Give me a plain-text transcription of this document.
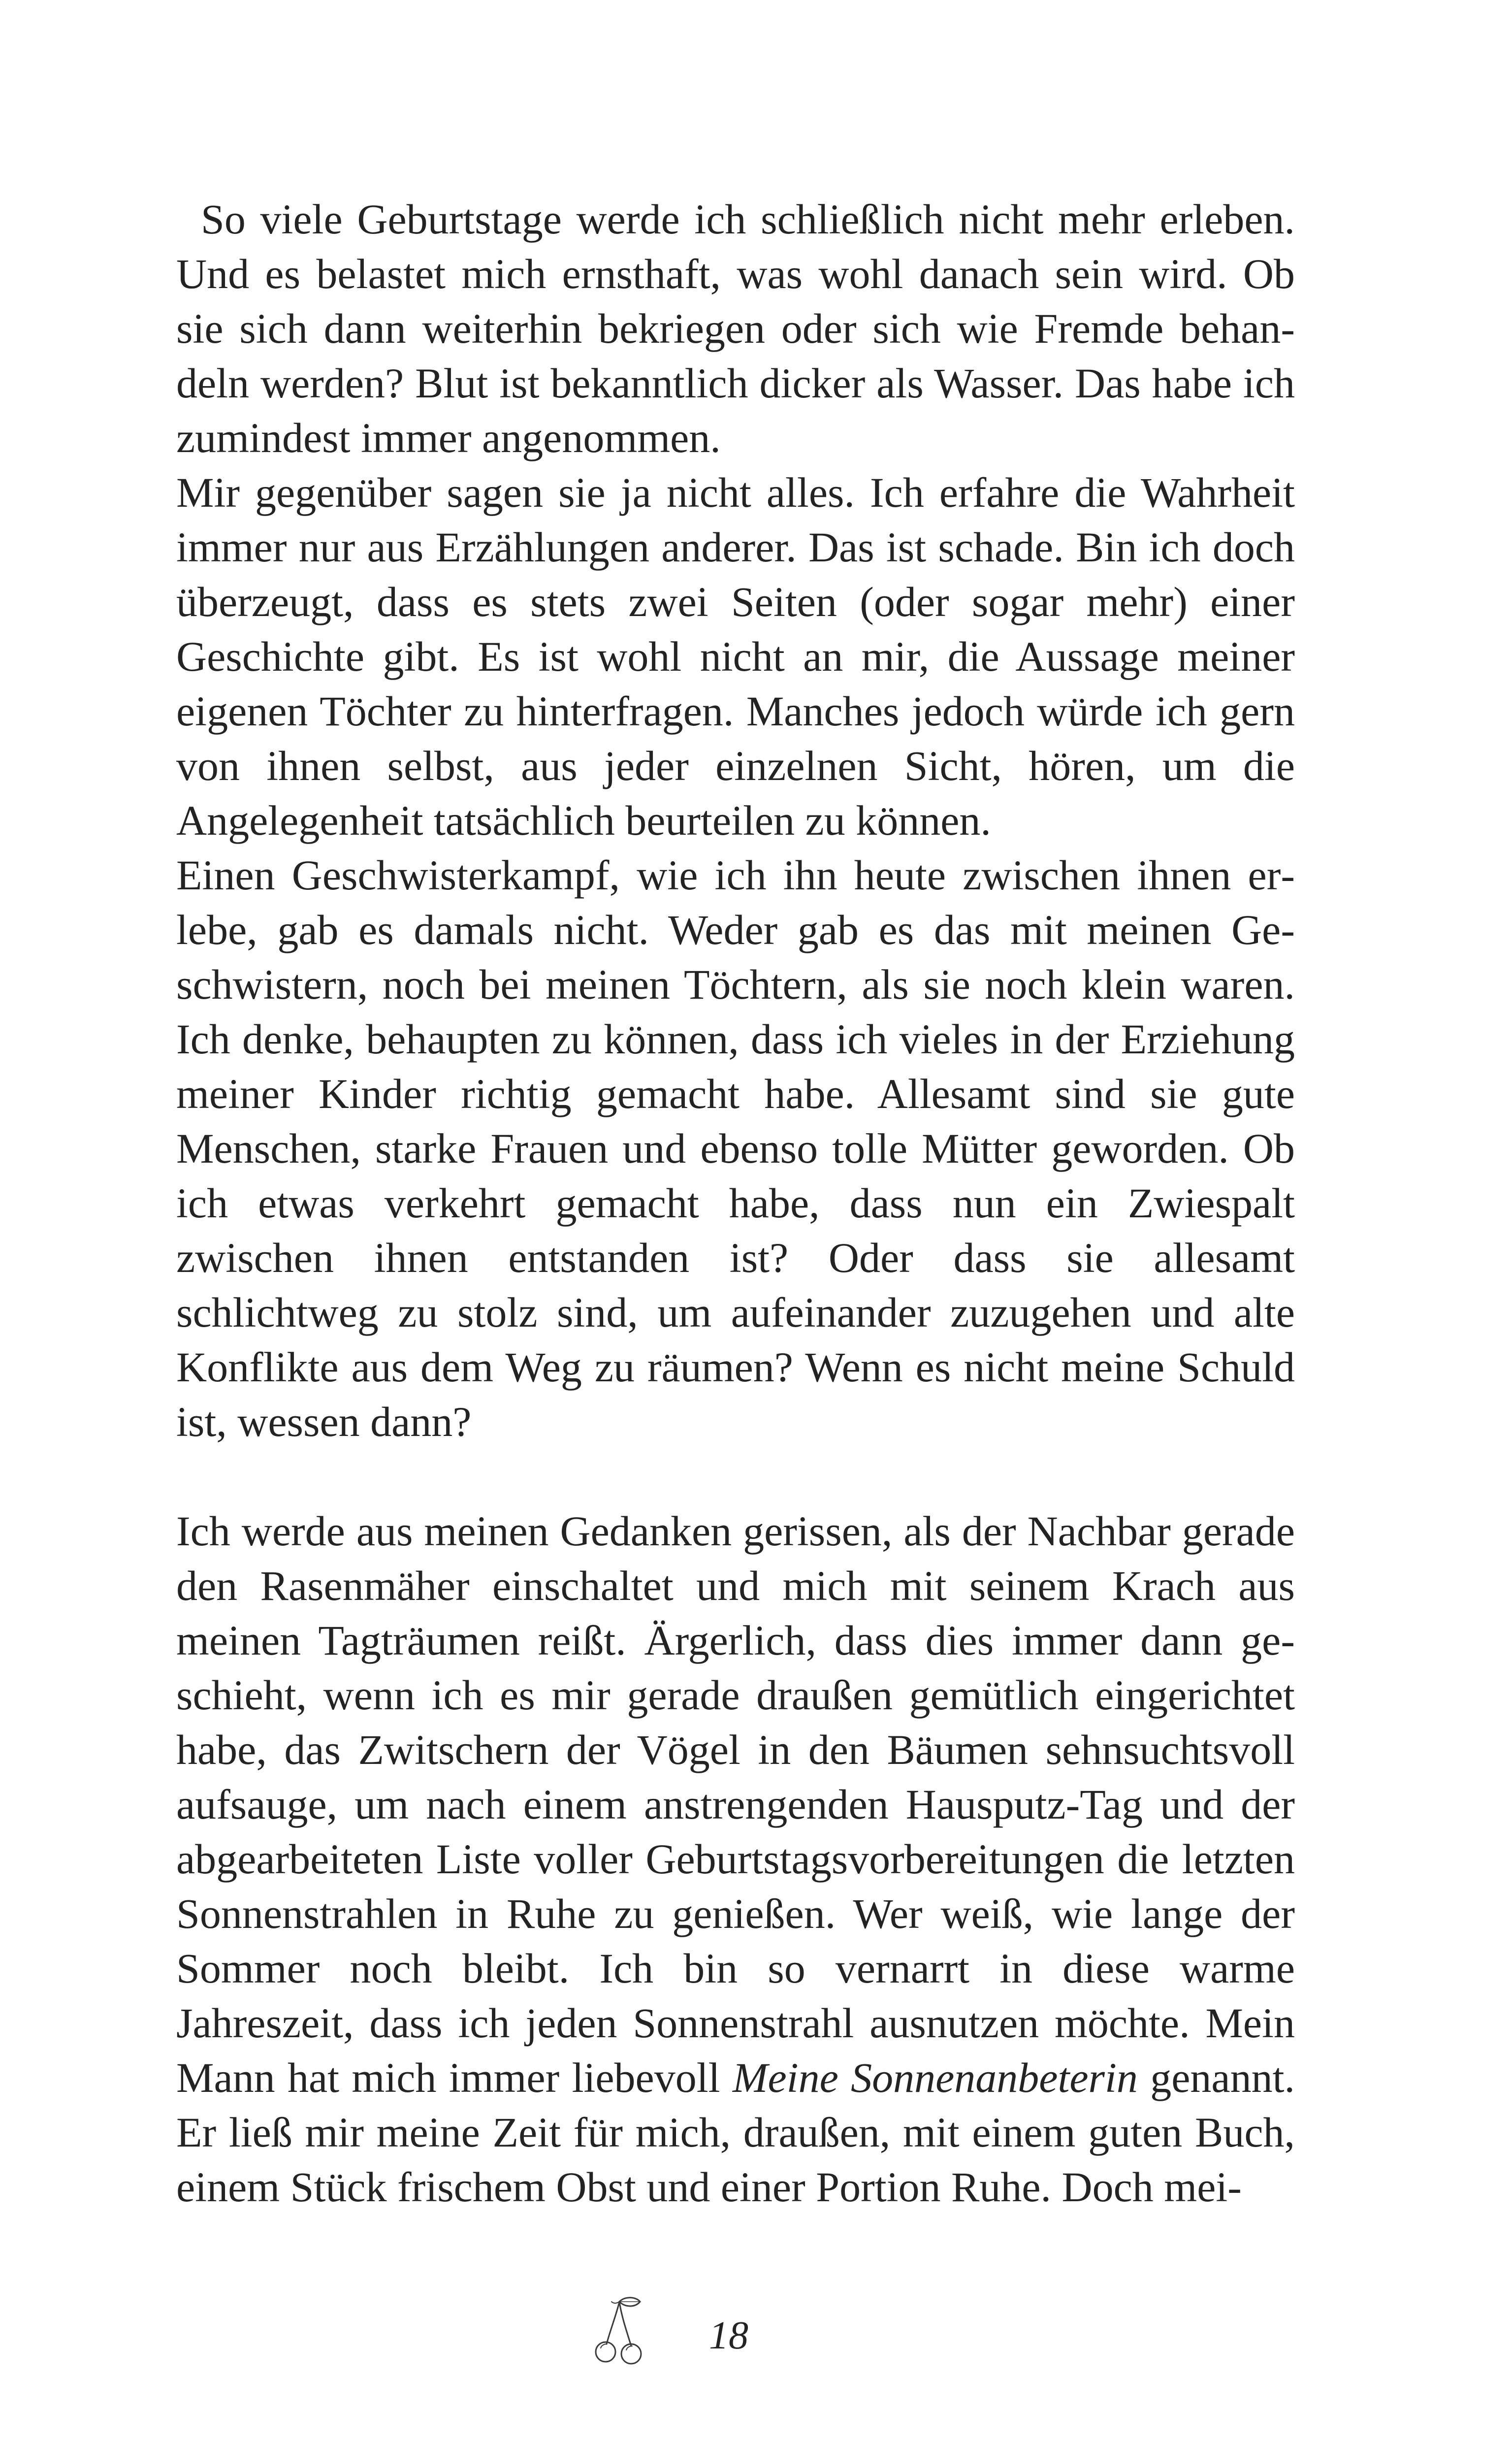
So viele Geburtstage werde ich schließlich nicht mehr erleben. Und es belastet mich ernsthaft, was wohl danach sein wird. Ob sie sich dann weiterhin bekriegen oder sich wie Fremde behandeln werden? Blut ist bekanntlich dicker als Wasser. Das habe ich zumindest immer angenommen.

Mir gegenüber sagen sie ja nicht alles. Ich erfahre die Wahrheit immer nur aus Erzählungen anderer. Das ist schade. Bin ich doch überzeugt, dass es stets zwei Seiten (oder sogar mehr) einer Geschichte gibt. Es ist wohl nicht an mir, die Aussage meiner eigenen Töchter zu hinterfragen. Manches jedoch würde ich gern von ihnen selbst, aus jeder einzelnen Sicht, hören, um die Angelegenheit tatsächlich beurteilen zu können.

Einen Geschwisterkampf, wie ich ihn heute zwischen ihnen erlebe, gab es damals nicht. Weder gab es das mit meinen Geschwistern, noch bei meinen Töchtern, als sie noch klein waren. Ich denke, behaupten zu können, dass ich vieles in der Erziehung meiner Kinder richtig gemacht habe. Allesamt sind sie gute Menschen, starke Frauen und ebenso tolle Mütter geworden. Ob ich etwas verkehrt gemacht habe, dass nun ein Zwiespalt zwischen ihnen entstanden ist? Oder dass sie allesamt schlichtweg zu stolz sind, um aufeinander zuzugehen und alte Konflikte aus dem Weg zu räumen? Wenn es nicht meine Schuld ist, wessen dann?

Ich werde aus meinen Gedanken gerissen, als der Nachbar gerade den Rasenmäher einschaltet und mich mit seinem Krach aus meinen Tagträumen reißt. Ärgerlich, dass dies immer dann geschieht, wenn ich es mir gerade draußen gemütlich eingerichtet habe, das Zwitschern der Vögel in den Bäumen sehnsuchtsvoll aufsauge, um nach einem anstrengenden Hausputz-Tag und der abgearbeiteten Liste voller Geburtstagsvorbereitungen die letzten Sonnenstrahlen in Ruhe zu genießen. Wer weiß, wie lange der Sommer noch bleibt. Ich bin so vernarrt in diese warme Jahreszeit, dass ich jeden Sonnenstrahl ausnutzen möchte. Mein Mann hat mich immer liebevoll Meine Sonnenanbeterin genannt. Er ließ mir meine Zeit für mich, draußen, mit einem guten Buch, einem Stück frischem Obst und einer Portion Ruhe. Doch mei-

18
